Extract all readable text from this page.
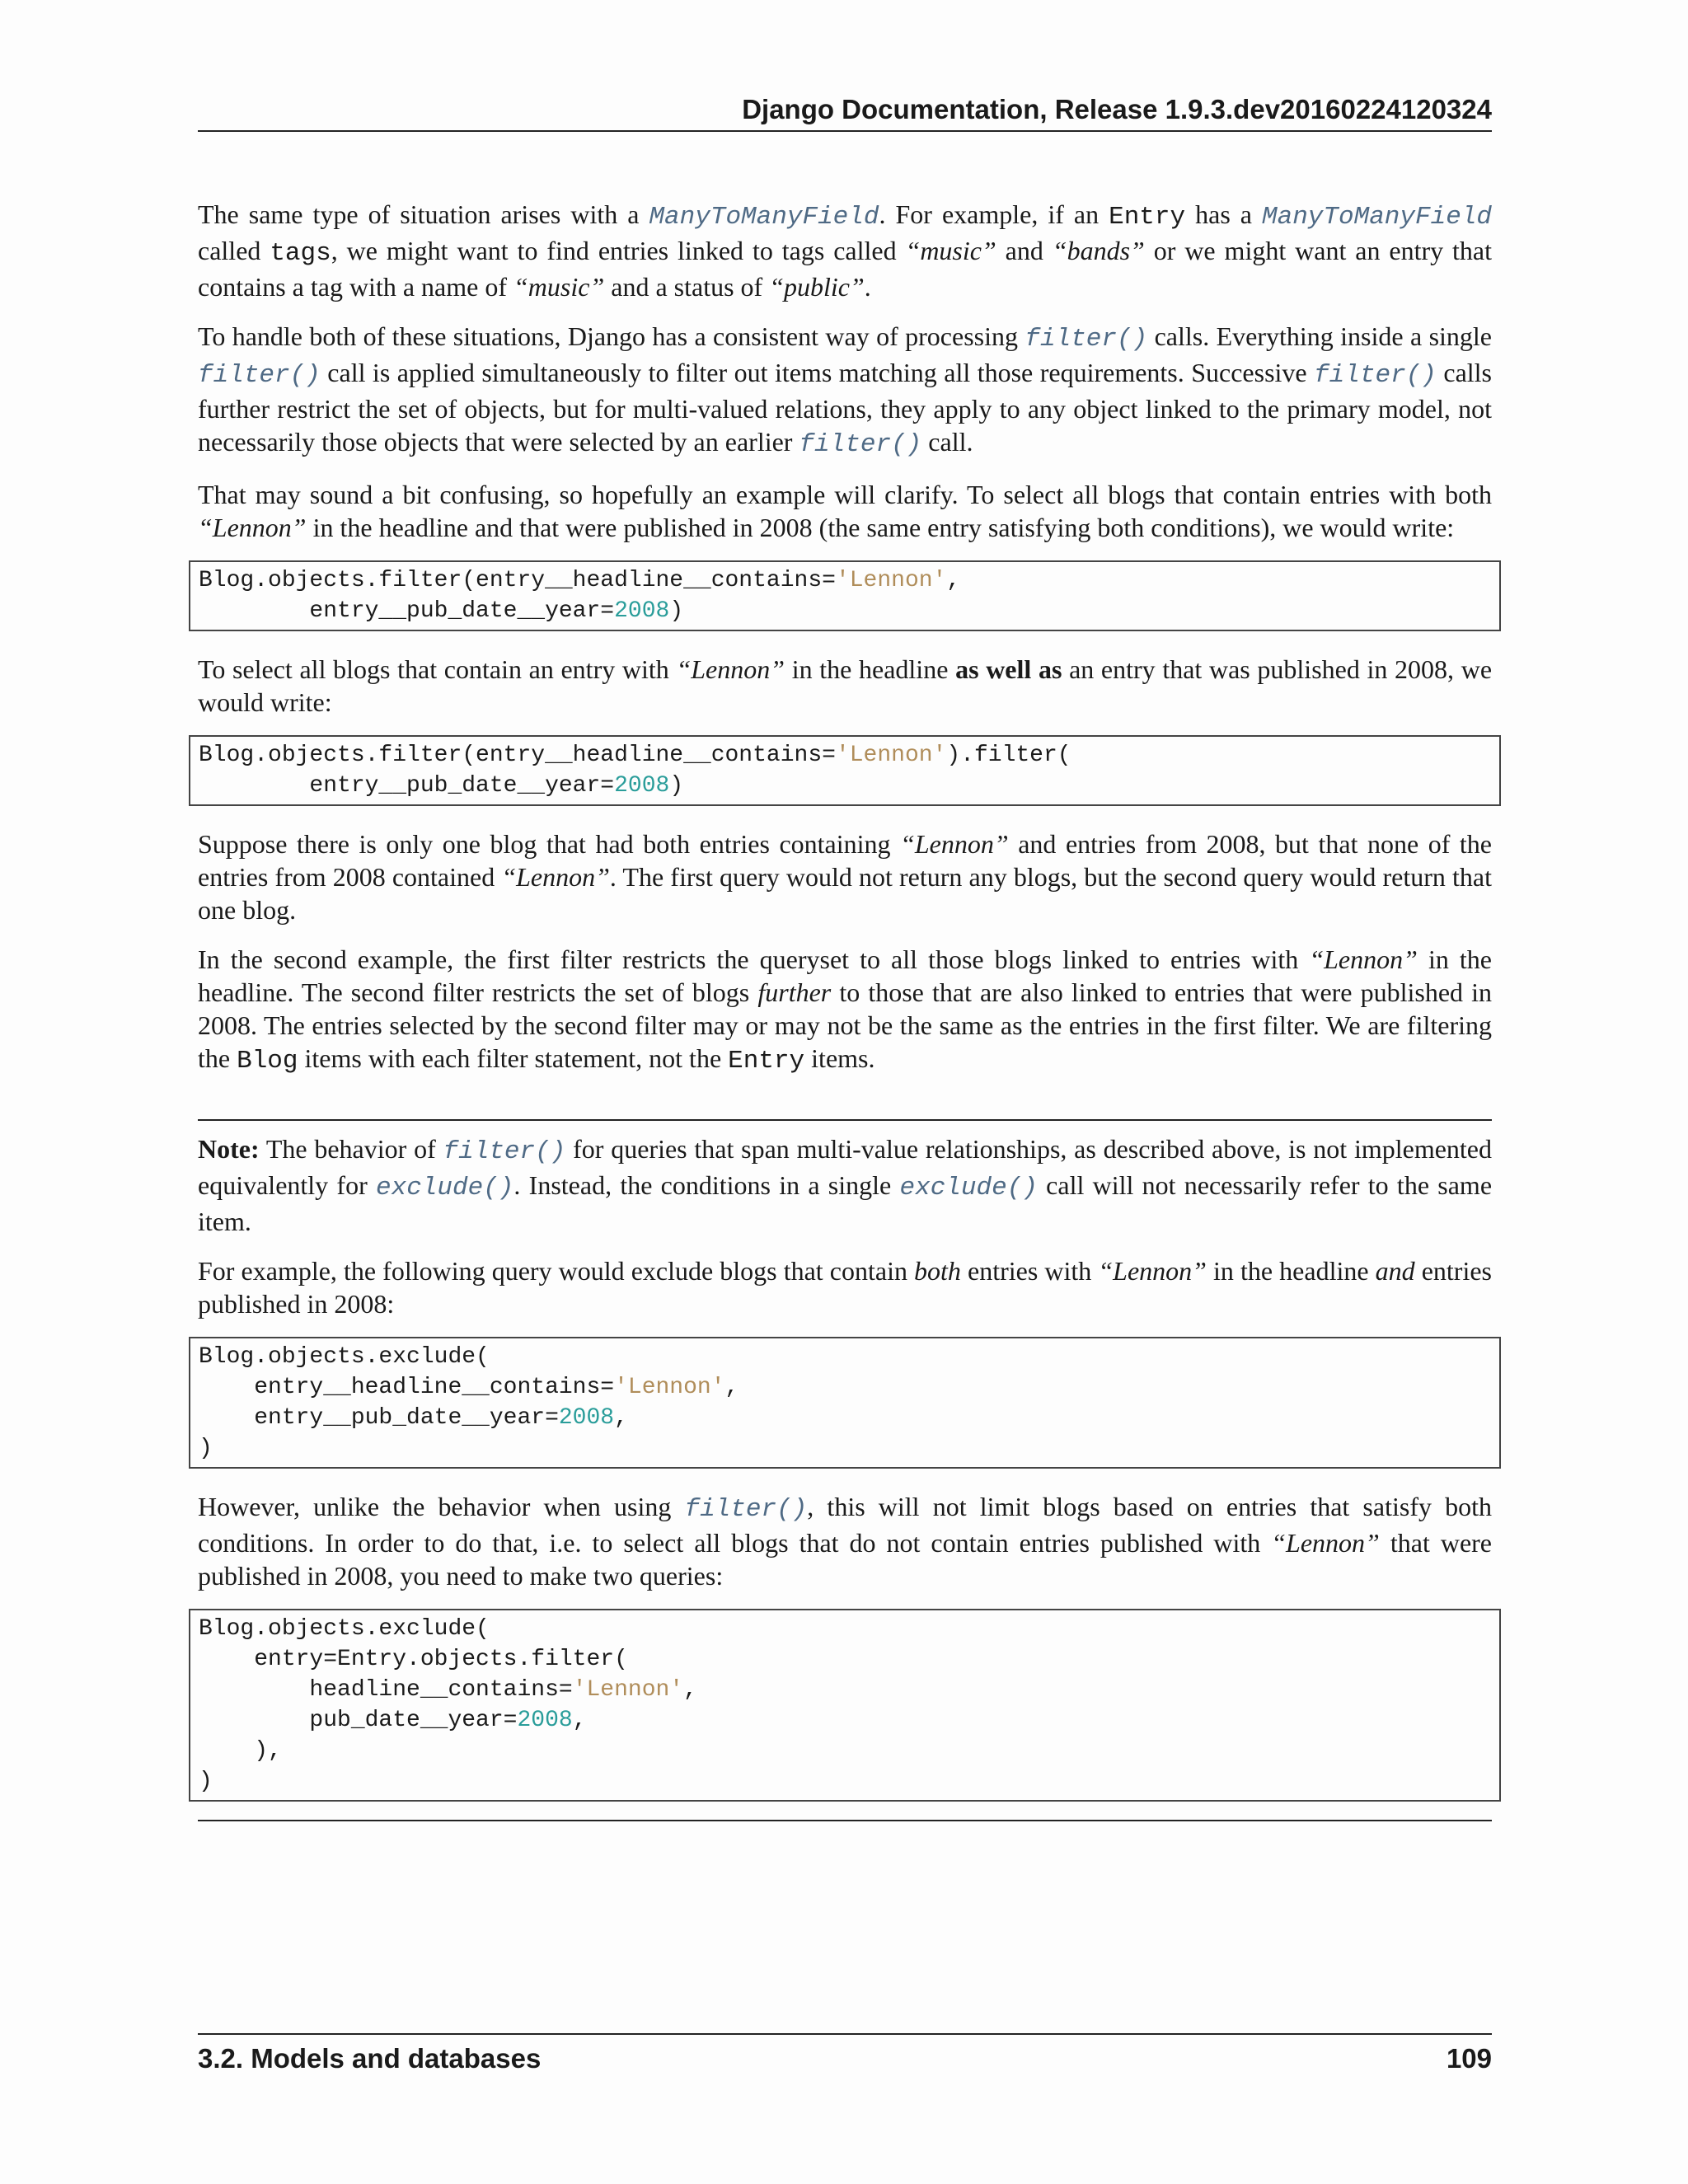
Django Documentation, Release 1.9.3.dev20160224120324

The same type of situation arises with a ManyToManyField. For example, if an Entry has a ManyToManyField called tags, we might want to find entries linked to tags called “music” and “bands” or we might want an entry that contains a tag with a name of “music” and a status of “public”.

To handle both of these situations, Django has a consistent way of processing filter() calls. Everything inside a single filter() call is applied simultaneously to filter out items matching all those requirements. Successive filter() calls further restrict the set of objects, but for multi-valued relations, they apply to any object linked to the primary model, not necessarily those objects that were selected by an earlier filter() call.

That may sound a bit confusing, so hopefully an example will clarify. To select all blogs that contain entries with both “Lennon” in the headline and that were published in 2008 (the same entry satisfying both conditions), we would write:

Blog.objects.filter(entry__headline__contains='Lennon',
entry__pub_date__year=2008)

To select all blogs that contain an entry with “Lennon” in the headline as well as an entry that was published in 2008, we would write:

Blog.objects.filter(entry__headline__contains='Lennon').filter(
entry__pub_date__year=2008)

Suppose there is only one blog that had both entries containing “Lennon” and entries from 2008, but that none of the entries from 2008 contained “Lennon”. The first query would not return any blogs, but the second query would return that one blog.

In the second example, the first filter restricts the queryset to all those blogs linked to entries with “Lennon” in the headline. The second filter restricts the set of blogs further to those that are also linked to entries that were published in 2008. The entries selected by the second filter may or may not be the same as the entries in the first filter. We are filtering the Blog items with each filter statement, not the Entry items.

Note: The behavior of filter() for queries that span multi-value relationships, as described above, is not implemented equivalently for exclude(). Instead, the conditions in a single exclude() call will not necessarily refer to the same item.

For example, the following query would exclude blogs that contain both entries with “Lennon” in the headline and entries published in 2008:

Blog.objects.exclude(
entry__headline__contains='Lennon',
entry__pub_date__year=2008,
)

However, unlike the behavior when using filter(), this will not limit blogs based on entries that satisfy both conditions. In order to do that, i.e. to select all blogs that do not contain entries published with “Lennon” that were published in 2008, you need to make two queries:

Blog.objects.exclude(
entry=Entry.objects.filter(
headline__contains='Lennon',
pub_date__year=2008,
),
)
3.2. Models and databases	109
